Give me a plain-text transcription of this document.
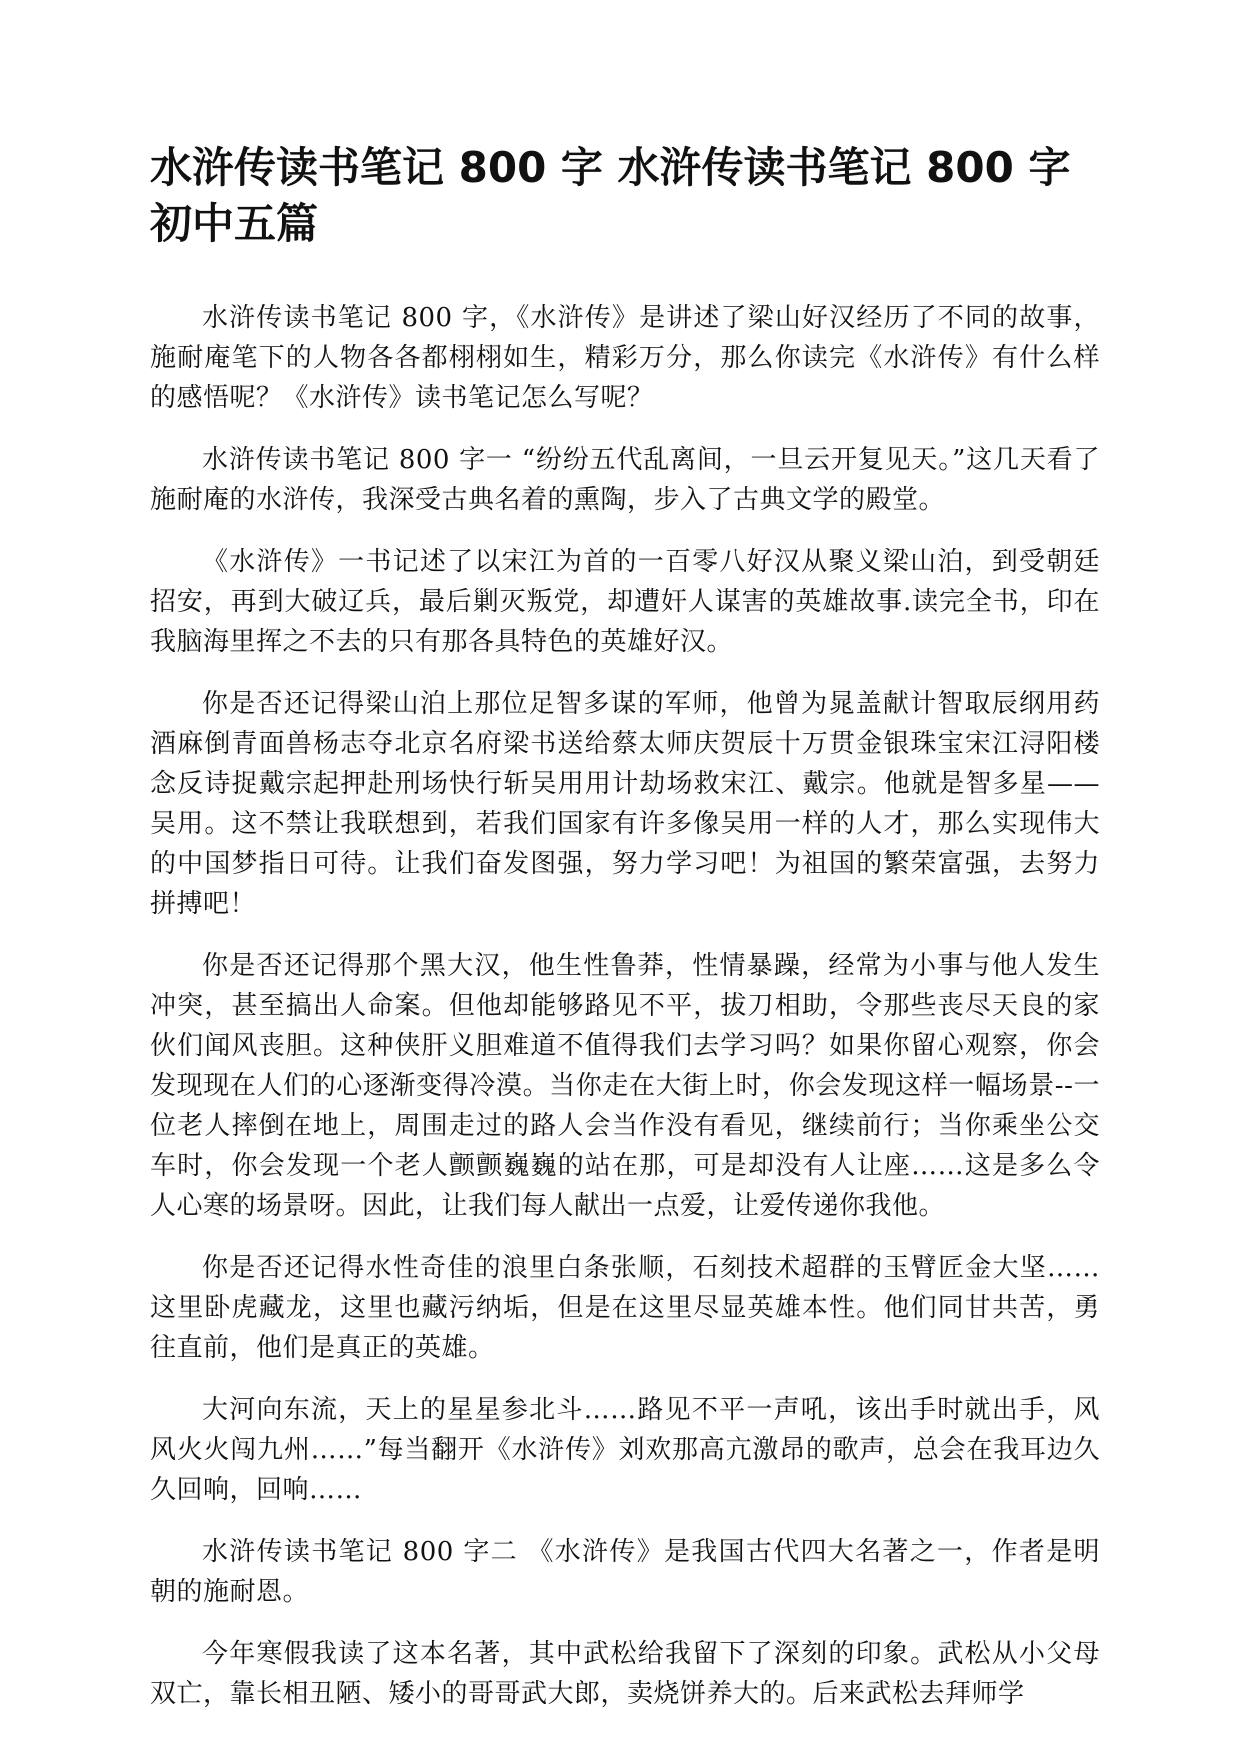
水浒传读书笔记 800 字 水浒传读书笔记 800 字初中五篇

水浒传读书笔记 800 字，《水浒传》是讲述了梁山好汉经历了不同的故事，施耐庵笔下的人物各各都栩栩如生，精彩万分，那么你读完《水浒传》有什么样的感悟呢？《水浒传》读书笔记怎么写呢？

水浒传读书笔记 800 字一 “纷纷五代乱离间，一旦云开复见天。”这几天看了施耐庵的水浒传，我深受古典名着的熏陶，步入了古典文学的殿堂。

《水浒传》一书记述了以宋江为首的一百零八好汉从聚义梁山泊，到受朝廷招安，再到大破辽兵，最后剿灭叛党，却遭奸人谋害的英雄故事.读完全书，印在我脑海里挥之不去的只有那各具特色的英雄好汉。

你是否还记得梁山泊上那位足智多谋的军师，他曾为晁盖献计智取辰纲用药酒麻倒青面兽杨志夺北京名府梁书送给蔡太师庆贺辰十万贯金银珠宝宋江浔阳楼念反诗捉戴宗起押赴刑场快行斩吴用用计劫场救宋江、戴宗。他就是智多星——吴用。这不禁让我联想到，若我们国家有许多像吴用一样的人才，那么实现伟大的中国梦指日可待。让我们奋发图强，努力学习吧！为祖国的繁荣富强，去努力拼搏吧！

你是否还记得那个黑大汉，他生性鲁莽，性情暴躁，经常为小事与他人发生冲突，甚至搞出人命案。但他却能够路见不平，拔刀相助，令那些丧尽天良的家伙们闻风丧胆。这种侠肝义胆难道不值得我们去学习吗？如果你留心观察，你会发现现在人们的心逐渐变得冷漠。当你走在大街上时，你会发现这样一幅场景--一位老人摔倒在地上，周围走过的路人会当作没有看见，继续前行；当你乘坐公交车时，你会发现一个老人颤颤巍巍的站在那，可是却没有人让座……这是多么令人心寒的场景呀。因此，让我们每人献出一点爱，让爱传递你我他。

你是否还记得水性奇佳的浪里白条张顺，石刻技术超群的玉臂匠金大坚……这里卧虎藏龙，这里也藏污纳垢，但是在这里尽显英雄本性。他们同甘共苦，勇往直前，他们是真正的英雄。

大河向东流，天上的星星参北斗……路见不平一声吼，该出手时就出手，风风火火闯九州……”每当翻开《水浒传》刘欢那高亢激昂的歌声，总会在我耳边久久回响，回响……

水浒传读书笔记 800 字二 《水浒传》是我国古代四大名著之一，作者是明朝的施耐恩。

今年寒假我读了这本名著，其中武松给我留下了深刻的印象。武松从小父母双亡，靠长相丑陋、矮小的哥哥武大郎，卖烧饼养大的。后来武松去拜师学
